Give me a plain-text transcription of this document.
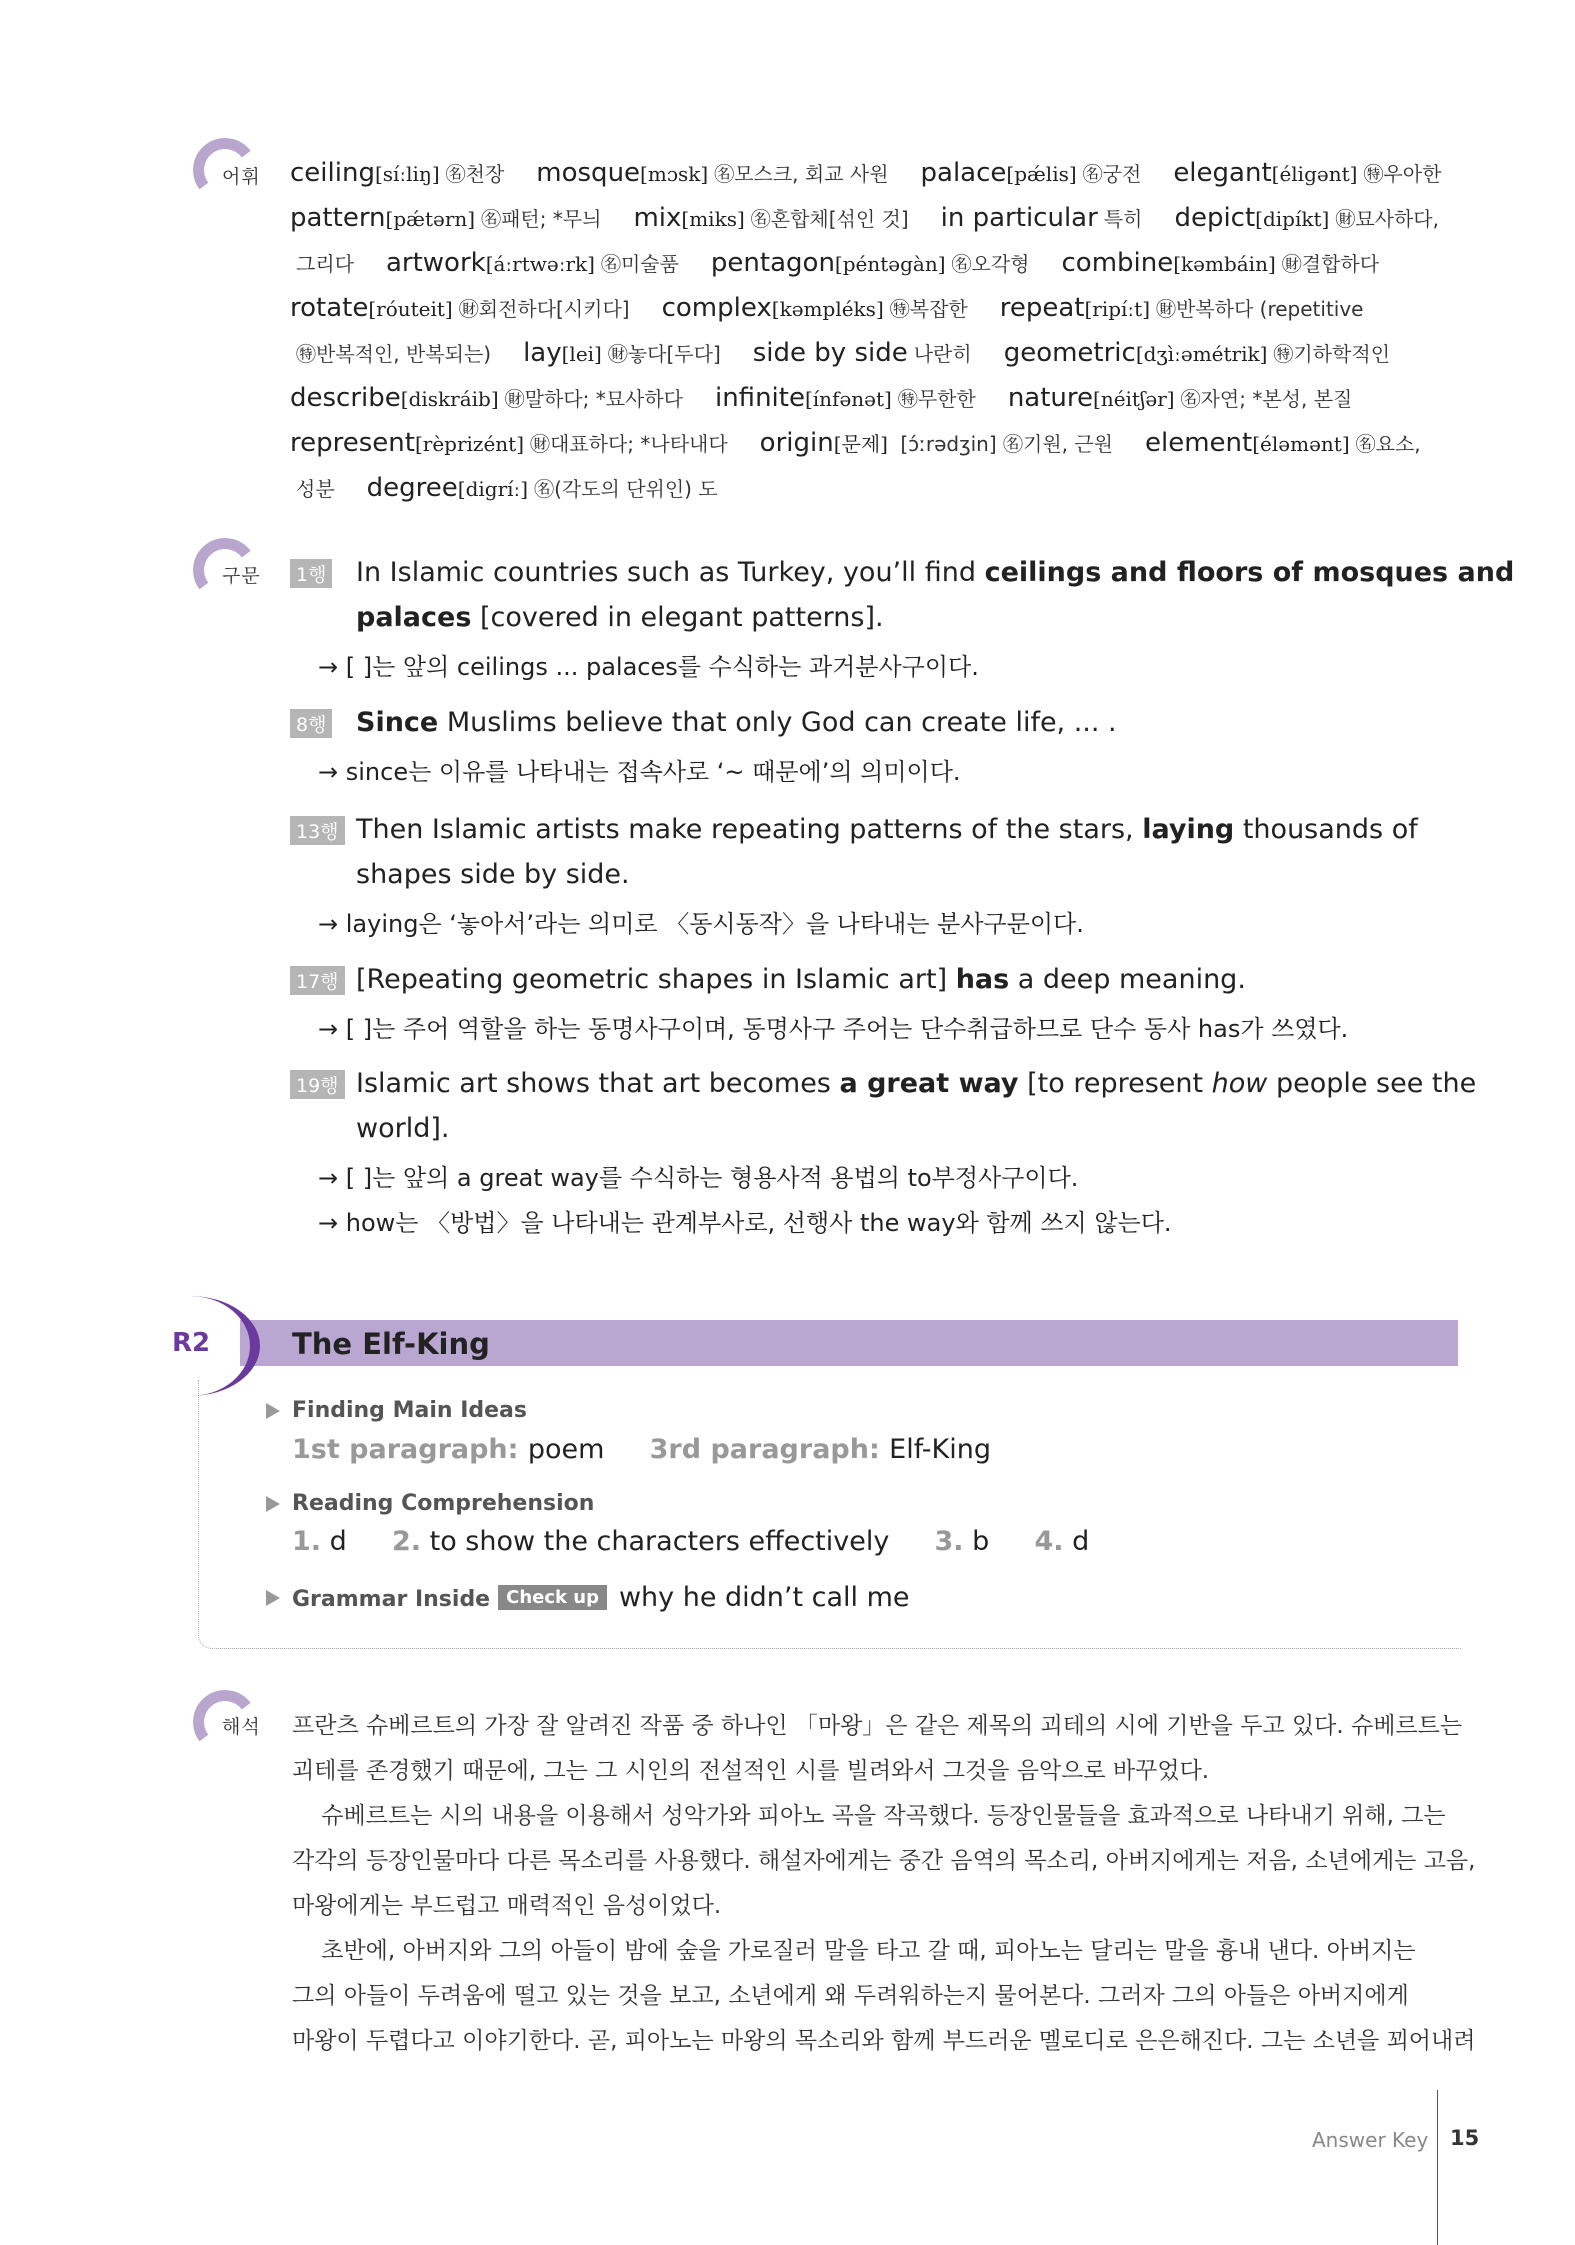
어휘 ceiling[síːliŋ] ㊔천장 mosque[mɔsk] ㊔모스크, 회교 사원 palace[pǽlis] ㊔궁전 elegant[éligənt] ㊕우아한
pattern[pǽtərn] ㊔패턴; *무늬 mix[miks] ㊔혼합체[섞인 것] in particular 특히 depict[dipíkt] ㊖묘사하다,
그리다 artwork[áːrtwəːrk] ㊔미술품 pentagon[péntəgàn] ㊔오각형 combine[kəmbáin] ㊖결합하다
rotate[róuteit] ㊖회전하다[시키다] complex[kəmpléks] ㊕복잡한 repeat[ripíːt] ㊖반복하다 (repetitive
㊕반복적인, 반복되는) lay[lei] ㊖놓다[두다] side by side 나란히 geometric[dʒìːəmétrik] ㊕기하학적인
describe[diskráib] ㊖말하다; *묘사하다 infinite[ínfənət] ㊕무한한 nature[néitʃər] ㊔자연; *본성, 본질
represent[rèprizént] ㊖대표하다; *나타내다 origin[문제] [ɔ́ːrədʒin] ㊔기원, 근원 element[éləmənt] ㊔요소,
성분 degree[digríː] ㊔(각도의 단위인) 도
구문	1행 In Islamic countries such as Turkey, you’ll find ceilings and floors of mosques and
palaces [covered in elegant patterns].
→ [ ]는 앞의 ceilings ... palaces를 수식하는 과거분사구이다.
8행 Since Muslims believe that only God can create life, ... .
→ since는 이유를 나타내는 접속사로 ‘~ 때문에’의 의미이다.
13행 Then Islamic artists make repeating patterns of the stars, laying thousands of
shapes side by side.
→ laying은 ‘놓아서’라는 의미로 〈동시동작〉을 나타내는 분사구문이다.
17행 [Repeating geometric shapes in Islamic art] has a deep meaning.
→ [ ]는 주어 역할을 하는 동명사구이며, 동명사구 주어는 단수취급하므로 단수 동사 has가 쓰였다.
19행 Islamic art shows that art becomes a great way [to represent how people see the
world].
→ [ ]는 앞의 a great way를 수식하는 형용사적 용법의 to부정사구이다.
→ how는 〈방법〉을 나타내는 관계부사로, 선행사 the way와 함께 쓰지 않는다.
R2	The Elf-King
Finding Main Ideas
1st paragraph: poem 3rd paragraph: Elf-King
Reading Comprehension
1. d 2. to show the characters effectively 3. b 4. d
Grammar Inside Check up why he didn’t call me
해석 프란츠 슈베르트의 가장 잘 알려진 작품 중 하나인 「마왕」은 같은 제목의 괴테의 시에 기반을 두고 있다. 슈베르트는
괴테를 존경했기 때문에, 그는 그 시인의 전설적인 시를 빌려와서 그것을 음악으로 바꾸었다.
슈베르트는 시의 내용을 이용해서 성악가와 피아노 곡을 작곡했다. 등장인물들을 효과적으로 나타내기 위해, 그는
각각의 등장인물마다 다른 목소리를 사용했다. 해설자에게는 중간 음역의 목소리, 아버지에게는 저음, 소년에게는 고음,
마왕에게는 부드럽고 매력적인 음성이었다.
초반에, 아버지와 그의 아들이 밤에 숲을 가로질러 말을 타고 갈 때, 피아노는 달리는 말을 흉내 낸다. 아버지는
그의 아들이 두려움에 떨고 있는 것을 보고, 소년에게 왜 두려워하는지 물어본다. 그러자 그의 아들은 아버지에게
마왕이 두렵다고 이야기한다. 곧, 피아노는 마왕의 목소리와 함께 부드러운 멜로디로 은은해진다. 그는 소년을 꾀어내려
Answer Key 15
